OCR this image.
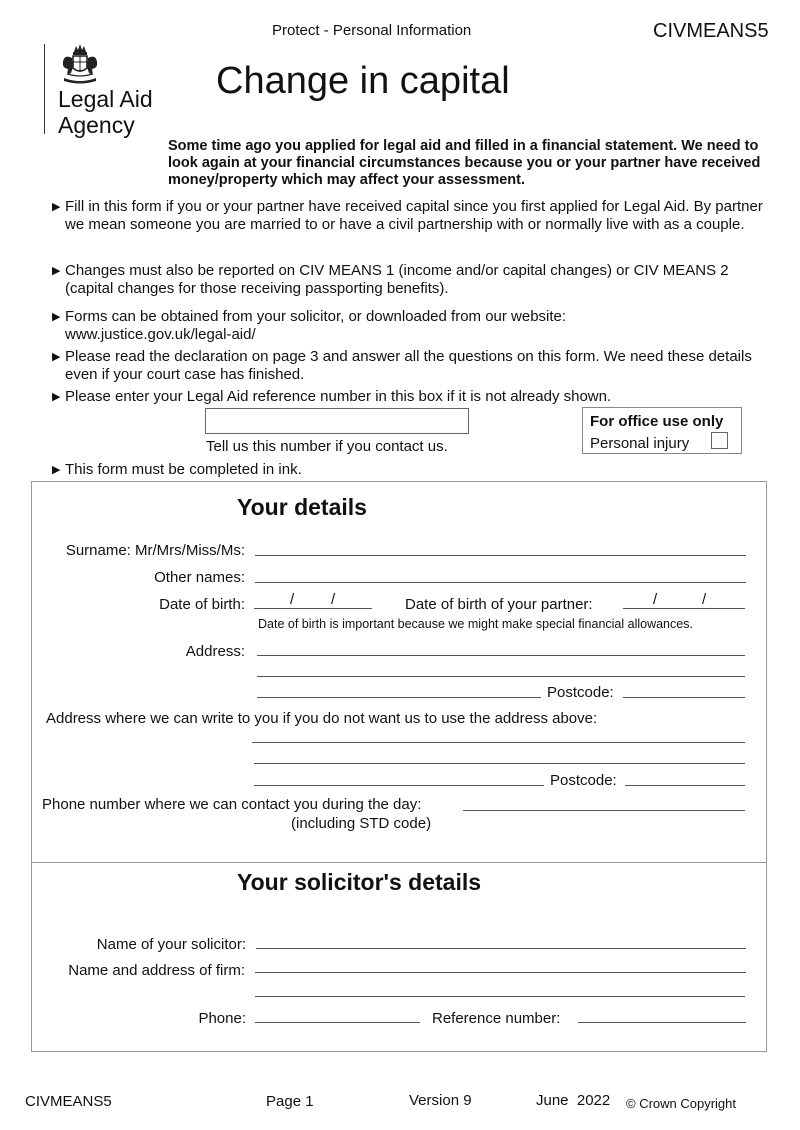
Protect - Personal Information	CIVMEANS5
Legal Aid
Agency
Change in capital
Some time ago you applied for legal aid and filled in a financial statement. We need to look again at your financial circumstances because you or your partner have received money/property which may affect your assessment.
▶ Fill in this form if you or your partner have received capital since you first applied for Legal Aid. By partner we mean someone you are married to or have a civil partnership with or normally live with as a couple.
▶ Changes must also be reported on CIV MEANS 1 (income and/or capital changes) or CIV MEANS 2 (capital changes for those receiving passporting benefits).
▶ Forms can be obtained from your solicitor, or downloaded from our website:
www.justice.gov.uk/legal-aid/
▶ Please read the declaration on page 3 and answer all the questions on this form. We need these details even if your court case has finished.
▶ Please enter your Legal Aid reference number in this box if it is not already shown.
Tell us this number if you contact us.
For office use only
Personal injury
▶ This form must be completed in ink.
Your details
Surname: Mr/Mrs/Miss/Ms:
Other names:
Date of birth:	/ /	Date of birth of your partner:	/	/
Date of birth is important because we might make special financial allowances.
Address:
Postcode:
Address where we can write to you if you do not want us to use the address above:
Postcode:
Phone number where we can contact you during the day:
(including STD code)
Your solicitor's details
Name of your solicitor:
Name and address of firm:
Phone:	Reference number:
CIVMEANS5	Page 1	Version 9	June  2022 © Crown Copyright
